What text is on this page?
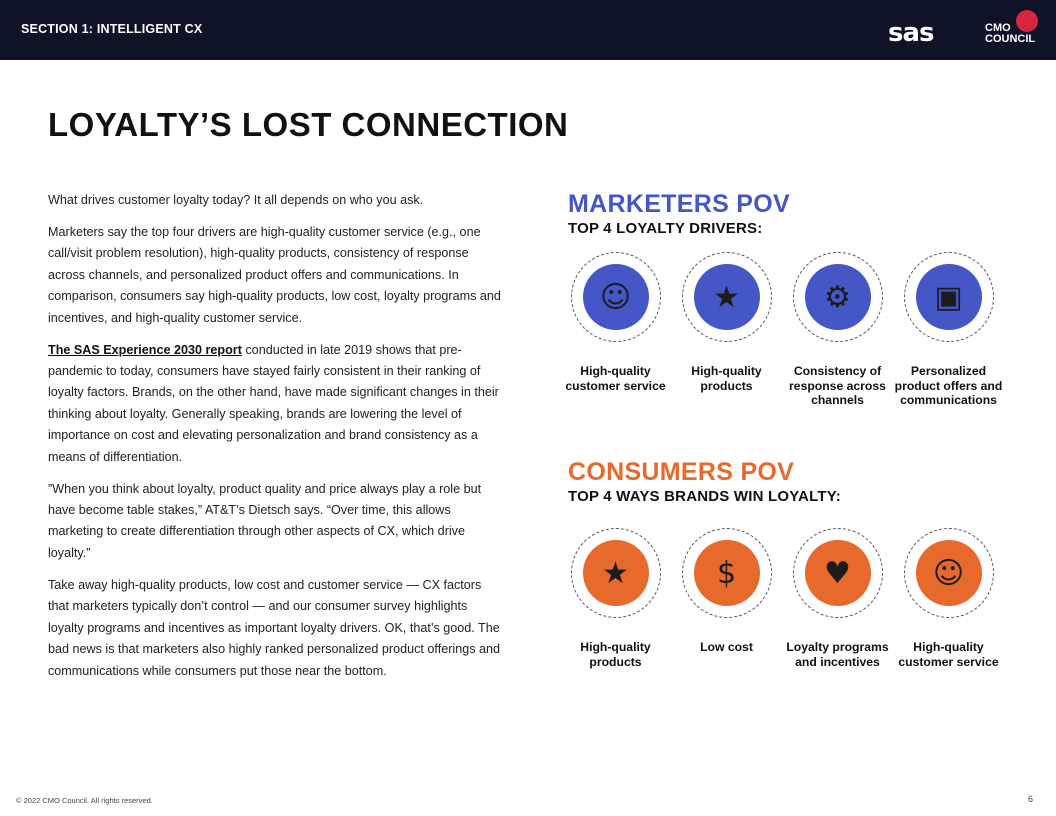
SECTION 1: INTELLIGENT CX	sas	CMO
COUNCIL
LOYALTY’S LOST CONNECTION

What drives customer loyalty today? It all depends on who you ask.

Marketers say the top four drivers are high-quality customer service (e.g., one call/visit problem resolution), high-quality products, consistency of response across channels, and personalized product offers and communications. In comparison, consumers say high-quality products, low cost, loyalty programs and incentives, and high-quality customer service.

The SAS Experience 2030 report conducted in late 2019 shows that pre-pandemic to today, consumers have stayed fairly consistent in their ranking of loyalty factors. Brands, on the other hand, have made significant changes in their thinking about loyalty. Generally speaking, brands are lowering the level of importance on cost and elevating personalization and brand consistency as a means of differentiation.

”When you think about loyalty, product quality and price always play a role but have become table stakes,” AT&T’s Dietsch says. “Over time, this allows marketing to create differentiation through other aspects of CX, which drive loyalty.”

Take away high-quality products, low cost and customer service — CX factors that marketers typically don’t control — and our consumer survey highlights loyalty programs and incentives as important loyalty drivers. OK, that’s good. The bad news is that marketers also highly ranked personalized product offerings and communications while consumers put those near the bottom.

MARKETERS POV
TOP 4 LOYALTY DRIVERS:
☺
High-quality customer service
★
High-quality products
⚙
Consistency of response across channels
▣
Personalized product offers and communications
CONSUMERS POV
TOP 4 WAYS BRANDS WIN LOYALTY:
★
High-quality products
$
Low cost
♥
Loyalty programs and incentives
☺
High-quality customer service
© 2022 CMO Council. All rights reserved.	6
